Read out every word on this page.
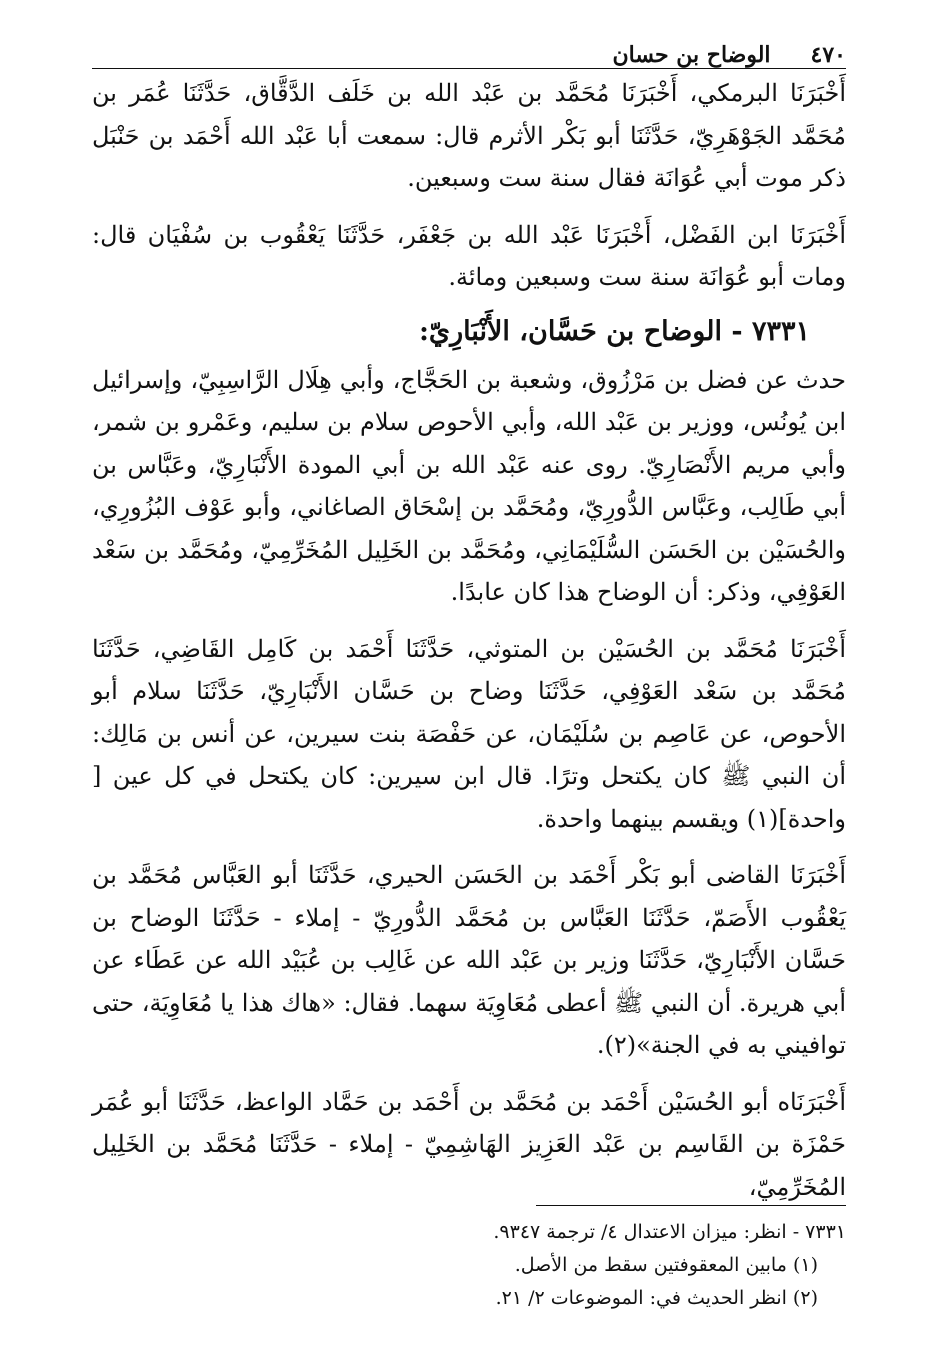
الوضاح بن حسان	٤٧٠

أَخْبَرَنَا البرمكي، أَخْبَرَنَا مُحَمَّد بن عَبْد الله بن خَلَف الدَّقَّاق، حَدَّثَنَا عُمَر بن مُحَمَّد الجَوْهَرِيّ، حَدَّثَنَا أبو بَكْر الأثرم قال: سمعت أبا عَبْد الله أَحْمَد بن حَنْبَل ذكر موت أبي عُوَانَة فقال سنة ست وسبعين.

أَخْبَرَنَا ابن الفَضْل، أَخْبَرَنَا عَبْد الله بن جَعْفَر، حَدَّثَنَا يَعْقُوب بن سُفْيَان قال: ومات أبو عُوَانَة سنة ست وسبعين ومائة.

٧٣٣١ - الوضاح بن حَسَّان، الأَنْبَارِيّ:

حدث عن فضل بن مَرْزُوق، وشعبة بن الحَجَّاج، وأبي هِلَال الرَّاسِبِيّ، وإسرائيل ابن يُونُس، ووزير بن عَبْد الله، وأبي الأحوص سلام بن سليم، وعَمْرو بن شمر، وأبي مريم الأَنْصَارِيّ. روى عنه عَبْد الله بن أبي المودة الأَنْبَارِيّ، وعَبَّاس بن أبي طَالِب، وعَبَّاس الدُّورِيّ، ومُحَمَّد بن إسْحَاق الصاغاني، وأبو عَوْف البُزُورِي، والحُسَيْن بن الحَسَن السُّلَيْمَانِي، ومُحَمَّد بن الخَلِيل المُخَرِّمِيّ، ومُحَمَّد بن سَعْد العَوْفِي، وذكر: أن الوضاح هذا كان عابدًا.

أَخْبَرَنَا مُحَمَّد بن الحُسَيْن بن المتوثي، حَدَّثَنَا أَحْمَد بن كَامِل القَاضِي، حَدَّثَنَا مُحَمَّد بن سَعْد العَوْفِي، حَدَّثَنَا وضاح بن حَسَّان الأَنْبَارِيّ، حَدَّثَنَا سلام أبو الأحوص، عن عَاصِم بن سُلَيْمَان، عن حَفْصَة بنت سيرين، عن أنس بن مَالِك: أن النبي ﷺ كان يكتحل وترًا. قال ابن سيرين: كان يكتحل في كل عين [ واحدة](١) ويقسم بينهما واحدة.

أَخْبَرَنَا القاضى أبو بَكْر أَحْمَد بن الحَسَن الحيري، حَدَّثَنَا أبو العَبَّاس مُحَمَّد بن يَعْقُوب الأَصَمّ، حَدَّثَنَا العَبَّاس بن مُحَمَّد الدُّورِيّ - إملاء - حَدَّثَنَا الوضاح بن حَسَّان الأَنْبَارِيّ، حَدَّثَنَا وزير بن عَبْد الله عن غَالِب بن عُبَيْد الله عن عَطَاء عن أبي هريرة. أن النبي ﷺ أعطى مُعَاوِيَة سهما. فقال: «هاك هذا يا مُعَاوِيَة، حتى توافيني به في الجنة»(٢).

أَخْبَرَنَاه أبو الحُسَيْن أَحْمَد بن مُحَمَّد بن أَحْمَد بن حَمَّاد الواعظ، حَدَّثَنَا أبو عُمَر حَمْزَة بن القَاسِم بن عَبْد العَزِيز الهَاشِمِيّ - إملاء - حَدَّثَنَا مُحَمَّد بن الخَلِيل المُخَرِّمِيّ،

٧٣٣١ - انظر: ميزان الاعتدال ٤/ ترجمة ٩٣٤٧.

(١) مابين المعقوفتين سقط من الأصل.

(٢) انظر الحديث في: الموضوعات ٢/ ٢١.
